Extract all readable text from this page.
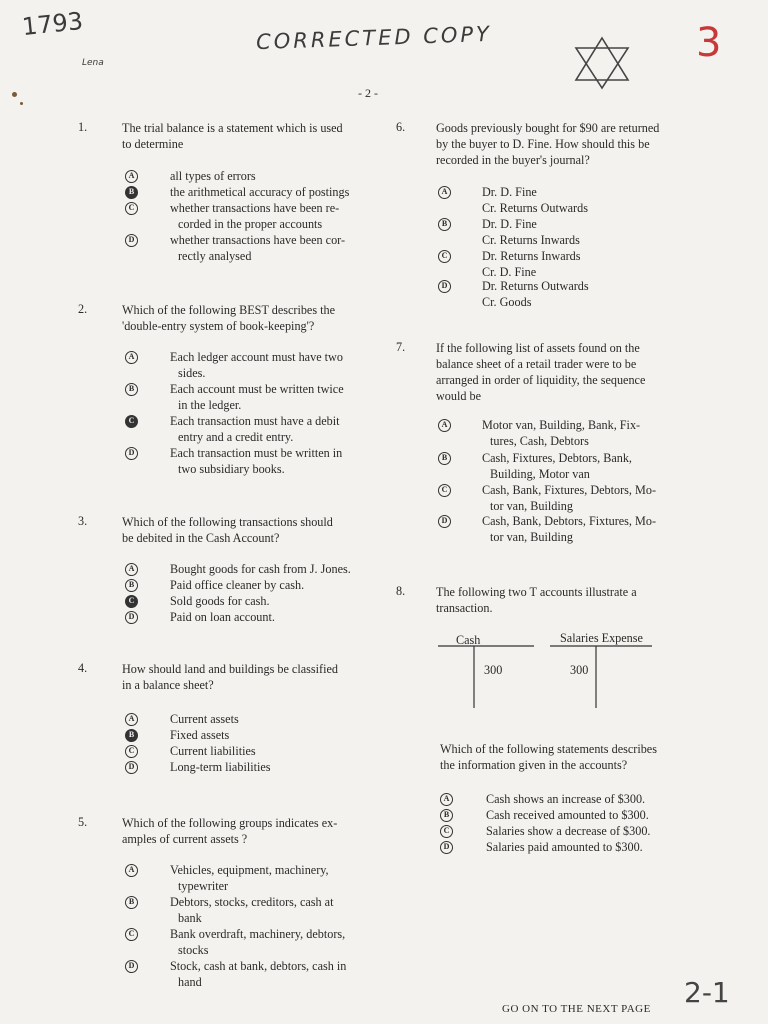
1793
Lena
CORRECTED COPY	3
- 2 -
1.	The trial balance is a statement which is used
to determine
A	all types of errors
B	the arithmetical accuracy of postings
C	whether transactions have been re-
corded in the proper accounts
D	whether transactions have been cor-
rectly analysed
2.	Which of the following BEST describes the
'double-entry system of book-keeping'?
A	Each ledger account must have two
sides.
B	Each account must be written twice
in the ledger.
C	Each transaction must have a debit
entry and a credit entry.
D	Each transaction must be written in
two subsidiary books.
3.	Which of the following transactions should
be debited in the Cash Account?
A	Bought goods for cash from J. Jones.
B	Paid office cleaner by cash.
C	Sold goods for cash.
D	Paid on loan account.
4.	How should land and buildings be classified
in a balance sheet?
A	Current assets
B	Fixed assets
C	Current liabilities
D	Long-term liabilities
5.	Which of the following groups indicates ex-
amples of current assets ?
A	Vehicles, equipment, machinery,
typewriter
B	Debtors, stocks, creditors, cash at
bank
C	Bank overdraft, machinery, debtors,
stocks
D	Stock, cash at bank, debtors, cash in
hand
6.	Goods previously bought for $90 are returned
by the buyer to D. Fine. How should this be
recorded in the buyer's journal?
A	Dr. D. Fine
Cr. Returns Outwards
B	Dr. D. Fine
Cr. Returns Inwards
C	Dr. Returns Inwards
Cr. D. Fine
D	Dr. Returns Outwards
Cr. Goods
7.	If the following list of assets found on the
balance sheet of a retail trader were to be
arranged in order of liquidity, the sequence
would be
A	Motor van, Building, Bank, Fix-
tures, Cash, Debtors
B	Cash, Fixtures, Debtors, Bank,
Building, Motor van
C	Cash, Bank, Fixtures, Debtors, Mo-
tor van, Building
D	Cash, Bank, Debtors, Fixtures, Mo-
tor van, Building
8.	The following two T accounts illustrate a
transaction.
Which of the following statements describes
the information given in the accounts?
A	Cash shows an increase of $300.
B	Cash received amounted to $300.
C	Salaries show a decrease of $300.
D	Salaries paid amounted to $300.
Cash
300
Salaries Expense
300
GO ON TO THE NEXT PAGE 2-1
